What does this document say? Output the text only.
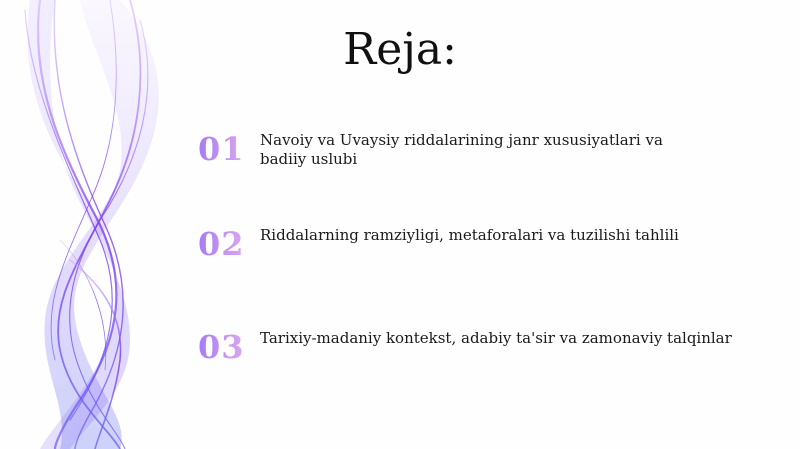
Reja:
01	Navoiy va Uvaysiy riddalarining janr xususiyatlari va badiiy uslubi
02	Riddalarning ramziyligi, metaforalari va tuzilishi tahlili
03	Tarixiy-madaniy kontekst, adabiy ta'sir va zamonaviy talqinlar
